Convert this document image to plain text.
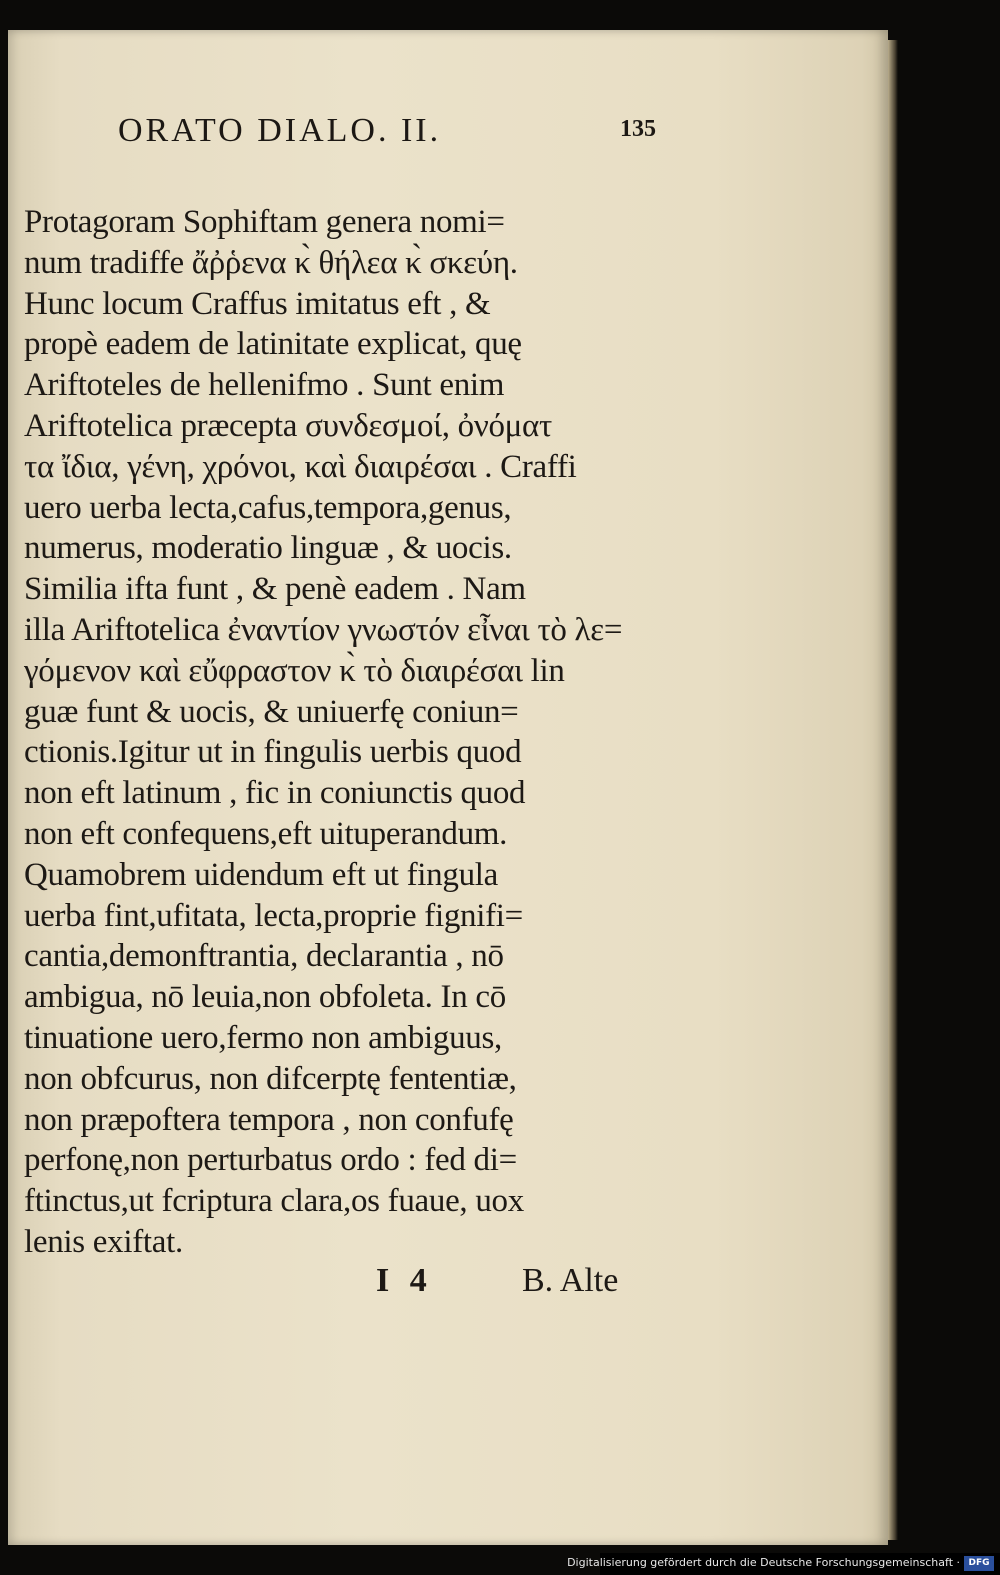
ORATO DIALO. II.	135
Protagoram Sophiftam genera nomi=
num tradiffe ἄῤῥενα κ̀ θήλεα κ̀ σκεύη.
Hunc locum Craffus imitatus eft , &
propè eadem de latinitate explicat, quę
Ariftoteles de hellenifmo . Sunt enim
Ariftotelica præcepta συνδεσμοί, ὀνόματ
τα ἴδια, γένη, χρόνοι, καὶ διαιρέσαι . Craffi
uero uerba lecta,cafus,tempora,genus,
numerus, moderatio linguæ , & uocis.
Similia ifta funt , & penè eadem . Nam
illa Ariftotelica ἐναντίον γνωστόν εἶναι τὸ λε=
γόμενον καὶ εὔφραστον κ̀ τὸ διαιρέσαι lin
guæ funt & uocis, & uniuerfę coniun=
ctionis.Igitur ut in fingulis uerbis quod
non eft latinum , fic in coniunctis quod
non eft confequens,eft uituperandum.
Quamobrem uidendum eft ut fingula
uerba fint,ufitata, lecta,proprie fignifi=
cantia,demonftrantia, declarantia , nō
ambigua, nō leuia,non obfoleta. In cō
tinuatione uero,fermo non ambiguus,
non obfcurus, non difcerptę fententiæ,
non præpoftera tempora , non confufę
perfonę,non perturbatus ordo : fed di=
ftinctus,ut fcriptura clara,os fuaue, uox
lenis exiftat.
I 4	B. Alte
Digitalisierung gefördert durch die Deutsche Forschungsgemeinschaft · DFG
